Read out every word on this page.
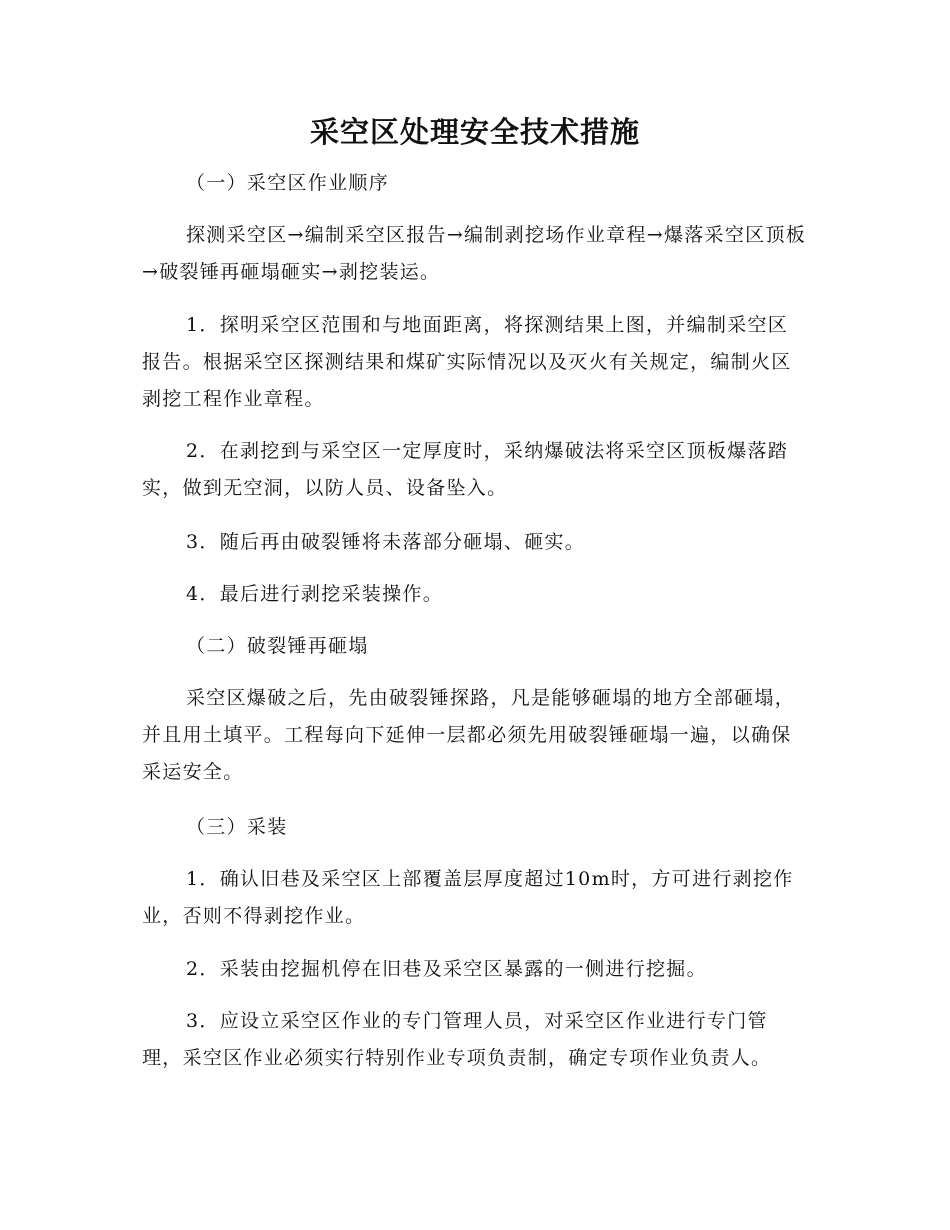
采空区处理安全技术措施

（一）采空区作业顺序

探测采空区→编制采空区报告→编制剥挖场作业章程→爆落采空区顶板→破裂锤再砸塌砸实→剥挖装运。

1．探明采空区范围和与地面距离，将探测结果上图，并编制采空区报告。根据采空区探测结果和煤矿实际情况以及灭火有关规定，编制火区剥挖工程作业章程。

2．在剥挖到与采空区一定厚度时，采纳爆破法将采空区顶板爆落踏实，做到无空洞，以防人员、设备坠入。

3．随后再由破裂锤将未落部分砸塌、砸实。

4．最后进行剥挖采装操作。

（二）破裂锤再砸塌

采空区爆破之后，先由破裂锤探路，凡是能够砸塌的地方全部砸塌，并且用土填平。工程每向下延伸一层都必须先用破裂锤砸塌一遍，以确保采运安全。

（三）采装

1．确认旧巷及采空区上部覆盖层厚度超过10m时，方可进行剥挖作业，否则不得剥挖作业。

2．采装由挖掘机停在旧巷及采空区暴露的一侧进行挖掘。

3．应设立采空区作业的专门管理人员，对采空区作业进行专门管理，采空区作业必须实行特别作业专项负责制，确定专项作业负责人。
